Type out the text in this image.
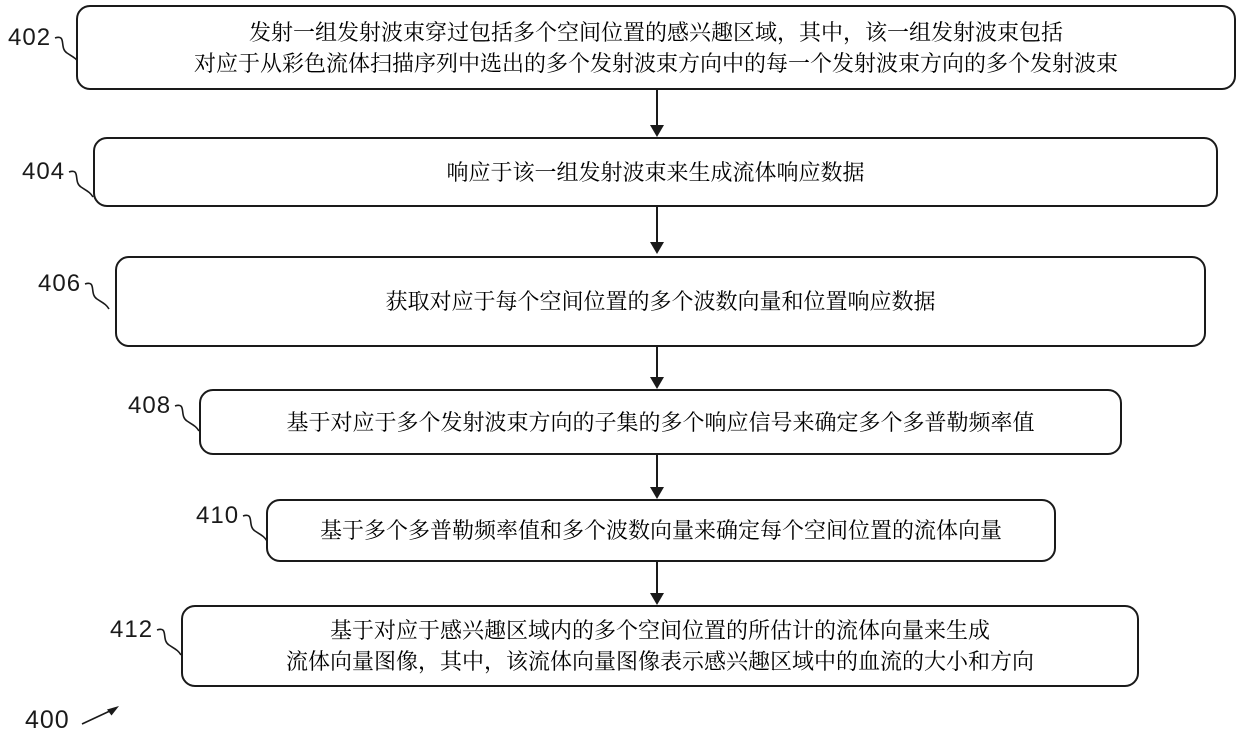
402	发射一组发射波束穿过包括多个空间位置的感兴趣区域，其中，该一组发射波束包括
对应于从彩色流体扫描序列中选出的多个发射波束方向中的每一个发射波束方向的多个发射波束
404	响应于该一组发射波束来生成流体响应数据
406
获取对应于每个空间位置的多个波数向量和位置响应数据
408
基于对应于多个发射波束方向的子集的多个响应信号来确定多个多普勒频率值
410
基于多个多普勒频率值和多个波数向量来确定每个空间位置的流体向量
412	基于对应于感兴趣区域内的多个空间位置的所估计的流体向量来生成
流体向量图像，其中，该流体向量图像表示感兴趣区域中的血流的大小和方向
400
